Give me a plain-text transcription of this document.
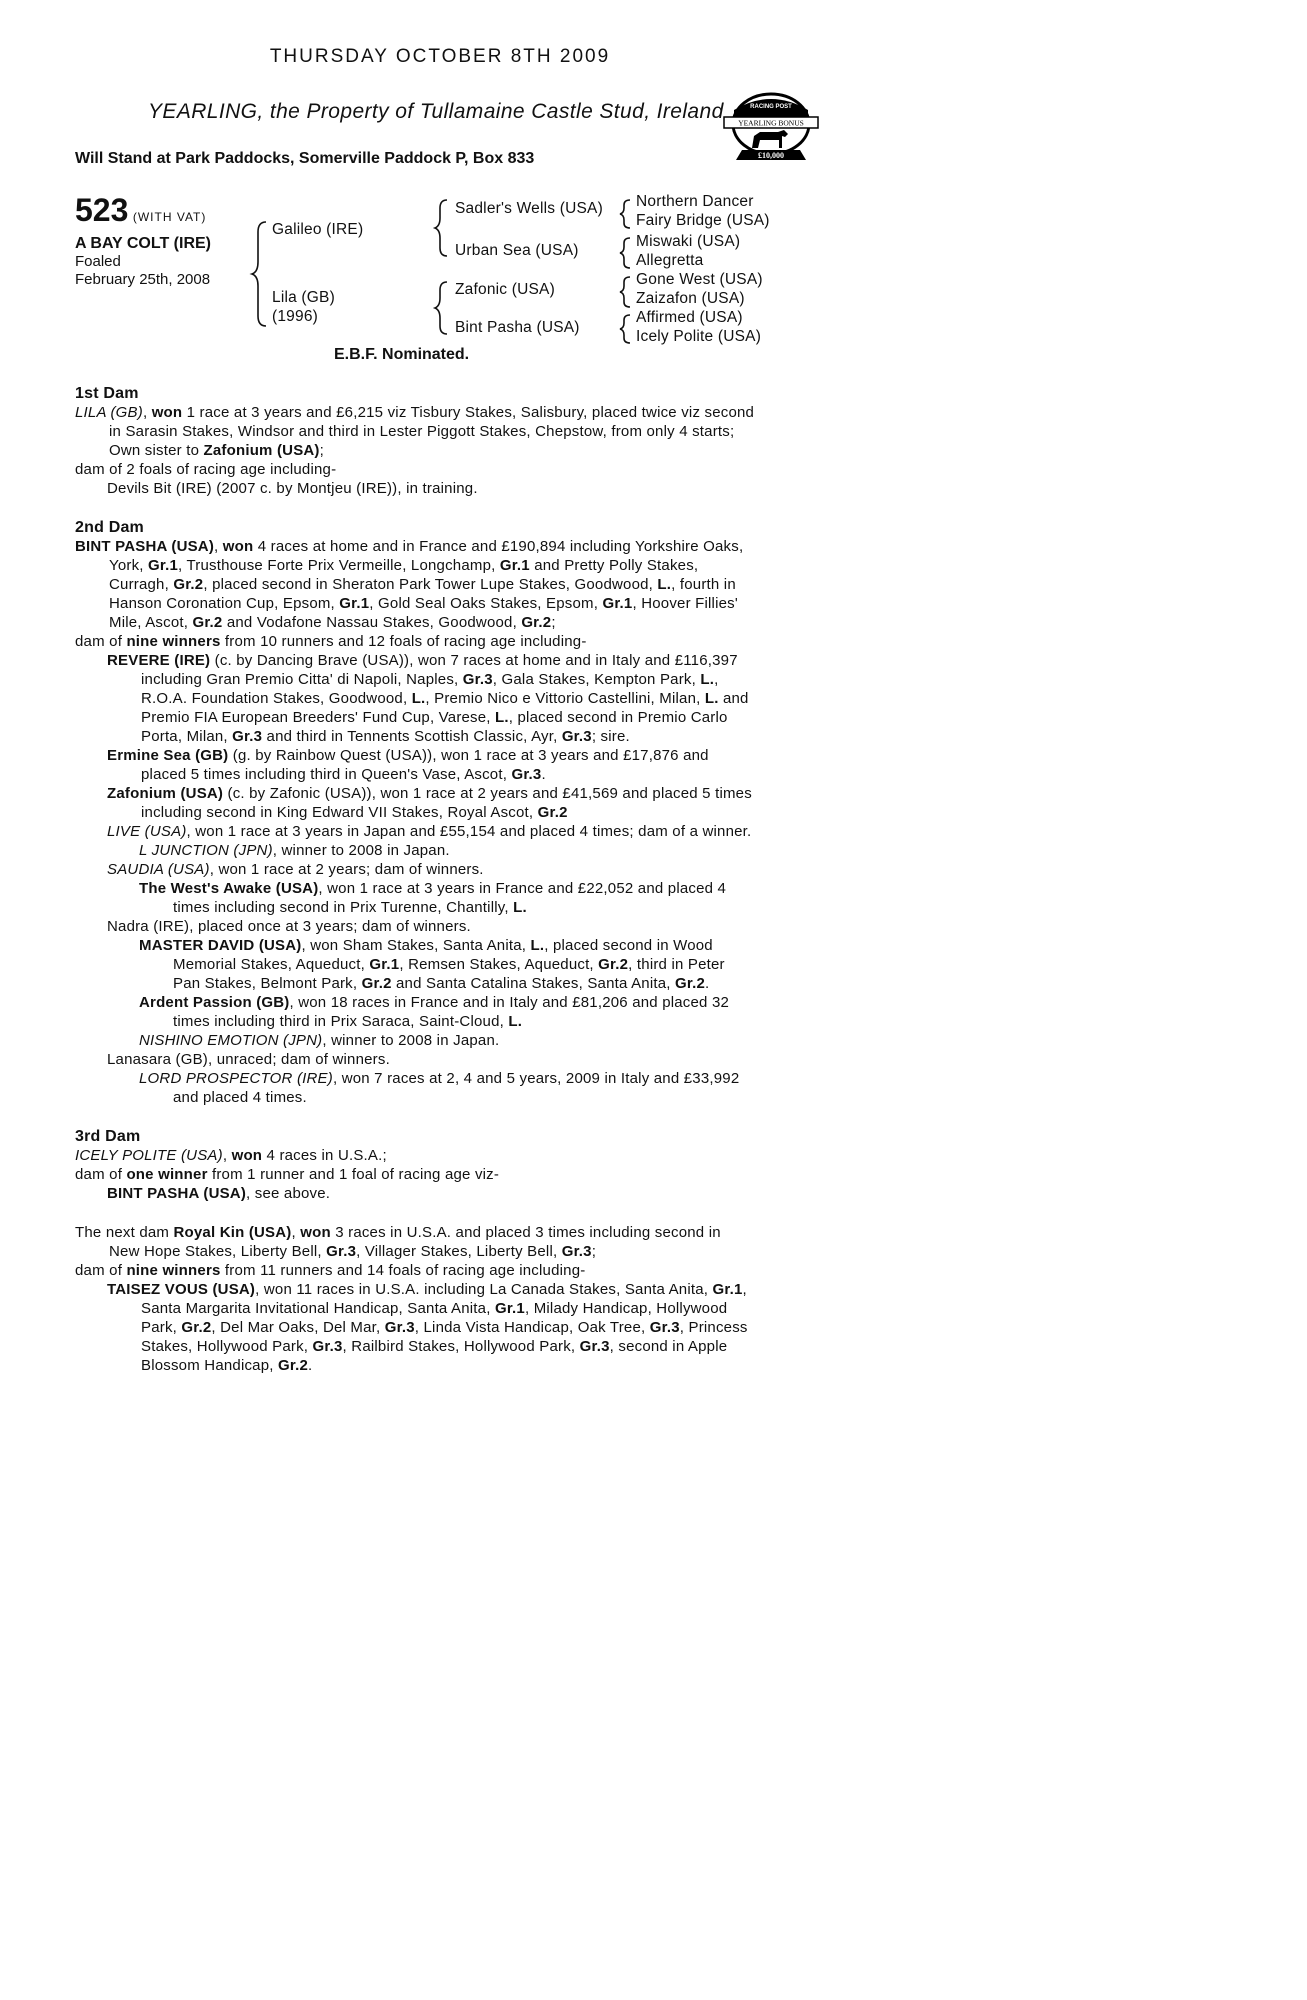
THURSDAY OCTOBER 8TH 2009
YEARLING, the Property of Tullamaine Castle Stud, Ireland
Will Stand at Park Paddocks, Somerville Paddock P, Box 833
RACING POST
YEARLING BONUS
£10,000
523 (WITH VAT)
A BAY COLT (IRE)
Foaled
February 25th, 2008
Galileo (IRE)
Lila (GB)
(1996)
Sadler's Wells (USA)
Urban Sea (USA)
Zafonic (USA)
Bint Pasha (USA)
Northern Dancer
Fairy Bridge (USA)
Miswaki (USA)
Allegretta
Gone West (USA)
Zaizafon (USA)
Affirmed (USA)
Icely Polite (USA)
E.B.F. Nominated.
1st Dam

LILA (GB), won 1 race at 3 years and £6,215 viz Tisbury Stakes, Salisbury, placed twice viz second in Sarasin Stakes, Windsor and third in Lester Piggott Stakes, Chepstow, from only 4 starts; Own sister to Zafonium (USA);

dam of 2 foals of racing age including-

Devils Bit (IRE) (2007 c. by Montjeu (IRE)), in training.

2nd Dam

BINT PASHA (USA), won 4 races at home and in France and £190,894 including Yorkshire Oaks, York, Gr.1, Trusthouse Forte Prix Vermeille, Longchamp, Gr.1 and Pretty Polly Stakes, Curragh, Gr.2, placed second in Sheraton Park Tower Lupe Stakes, Goodwood, L., fourth in Hanson Coronation Cup, Epsom, Gr.1, Gold Seal Oaks Stakes, Epsom, Gr.1, Hoover Fillies' Mile, Ascot, Gr.2 and Vodafone Nassau Stakes, Goodwood, Gr.2;

dam of nine winners from 10 runners and 12 foals of racing age including-

REVERE (IRE) (c. by Dancing Brave (USA)), won 7 races at home and in Italy and £116,397 including Gran Premio Citta' di Napoli, Naples, Gr.3, Gala Stakes, Kempton Park, L., R.O.A. Foundation Stakes, Goodwood, L., Premio Nico e Vittorio Castellini, Milan, L. and Premio FIA European Breeders' Fund Cup, Varese, L., placed second in Premio Carlo Porta, Milan, Gr.3 and third in Tennents Scottish Classic, Ayr, Gr.3; sire.

Ermine Sea (GB) (g. by Rainbow Quest (USA)), won 1 race at 3 years and £17,876 and placed 5 times including third in Queen's Vase, Ascot, Gr.3.

Zafonium (USA) (c. by Zafonic (USA)), won 1 race at 2 years and £41,569 and placed 5 times including second in King Edward VII Stakes, Royal Ascot, Gr.2

LIVE (USA), won 1 race at 3 years in Japan and £55,154 and placed 4 times; dam of a winner.

L JUNCTION (JPN), winner to 2008 in Japan.

SAUDIA (USA), won 1 race at 2 years; dam of winners.

The West's Awake (USA), won 1 race at 3 years in France and £22,052 and placed 4 times including second in Prix Turenne, Chantilly, L.

Nadra (IRE), placed once at 3 years; dam of winners.

MASTER DAVID (USA), won Sham Stakes, Santa Anita, L., placed second in Wood Memorial Stakes, Aqueduct, Gr.1, Remsen Stakes, Aqueduct, Gr.2, third in Peter Pan Stakes, Belmont Park, Gr.2 and Santa Catalina Stakes, Santa Anita, Gr.2.

Ardent Passion (GB), won 18 races in France and in Italy and £81,206 and placed 32 times including third in Prix Saraca, Saint-Cloud, L.

NISHINO EMOTION (JPN), winner to 2008 in Japan.

Lanasara (GB), unraced; dam of winners.

LORD PROSPECTOR (IRE), won 7 races at 2, 4 and 5 years, 2009 in Italy and £33,992 and placed 4 times.

3rd Dam

ICELY POLITE (USA), won 4 races in U.S.A.;

dam of one winner from 1 runner and 1 foal of racing age viz-

BINT PASHA (USA), see above.

The next dam Royal Kin (USA), won 3 races in U.S.A. and placed 3 times including second in New Hope Stakes, Liberty Bell, Gr.3, Villager Stakes, Liberty Bell, Gr.3;

dam of nine winners from 11 runners and 14 foals of racing age including-

TAISEZ VOUS (USA), won 11 races in U.S.A. including La Canada Stakes, Santa Anita, Gr.1, Santa Margarita Invitational Handicap, Santa Anita, Gr.1, Milady Handicap, Hollywood Park, Gr.2, Del Mar Oaks, Del Mar, Gr.3, Linda Vista Handicap, Oak Tree, Gr.3, Princess Stakes, Hollywood Park, Gr.3, Railbird Stakes, Hollywood Park, Gr.3, second in Apple Blossom Handicap, Gr.2.
